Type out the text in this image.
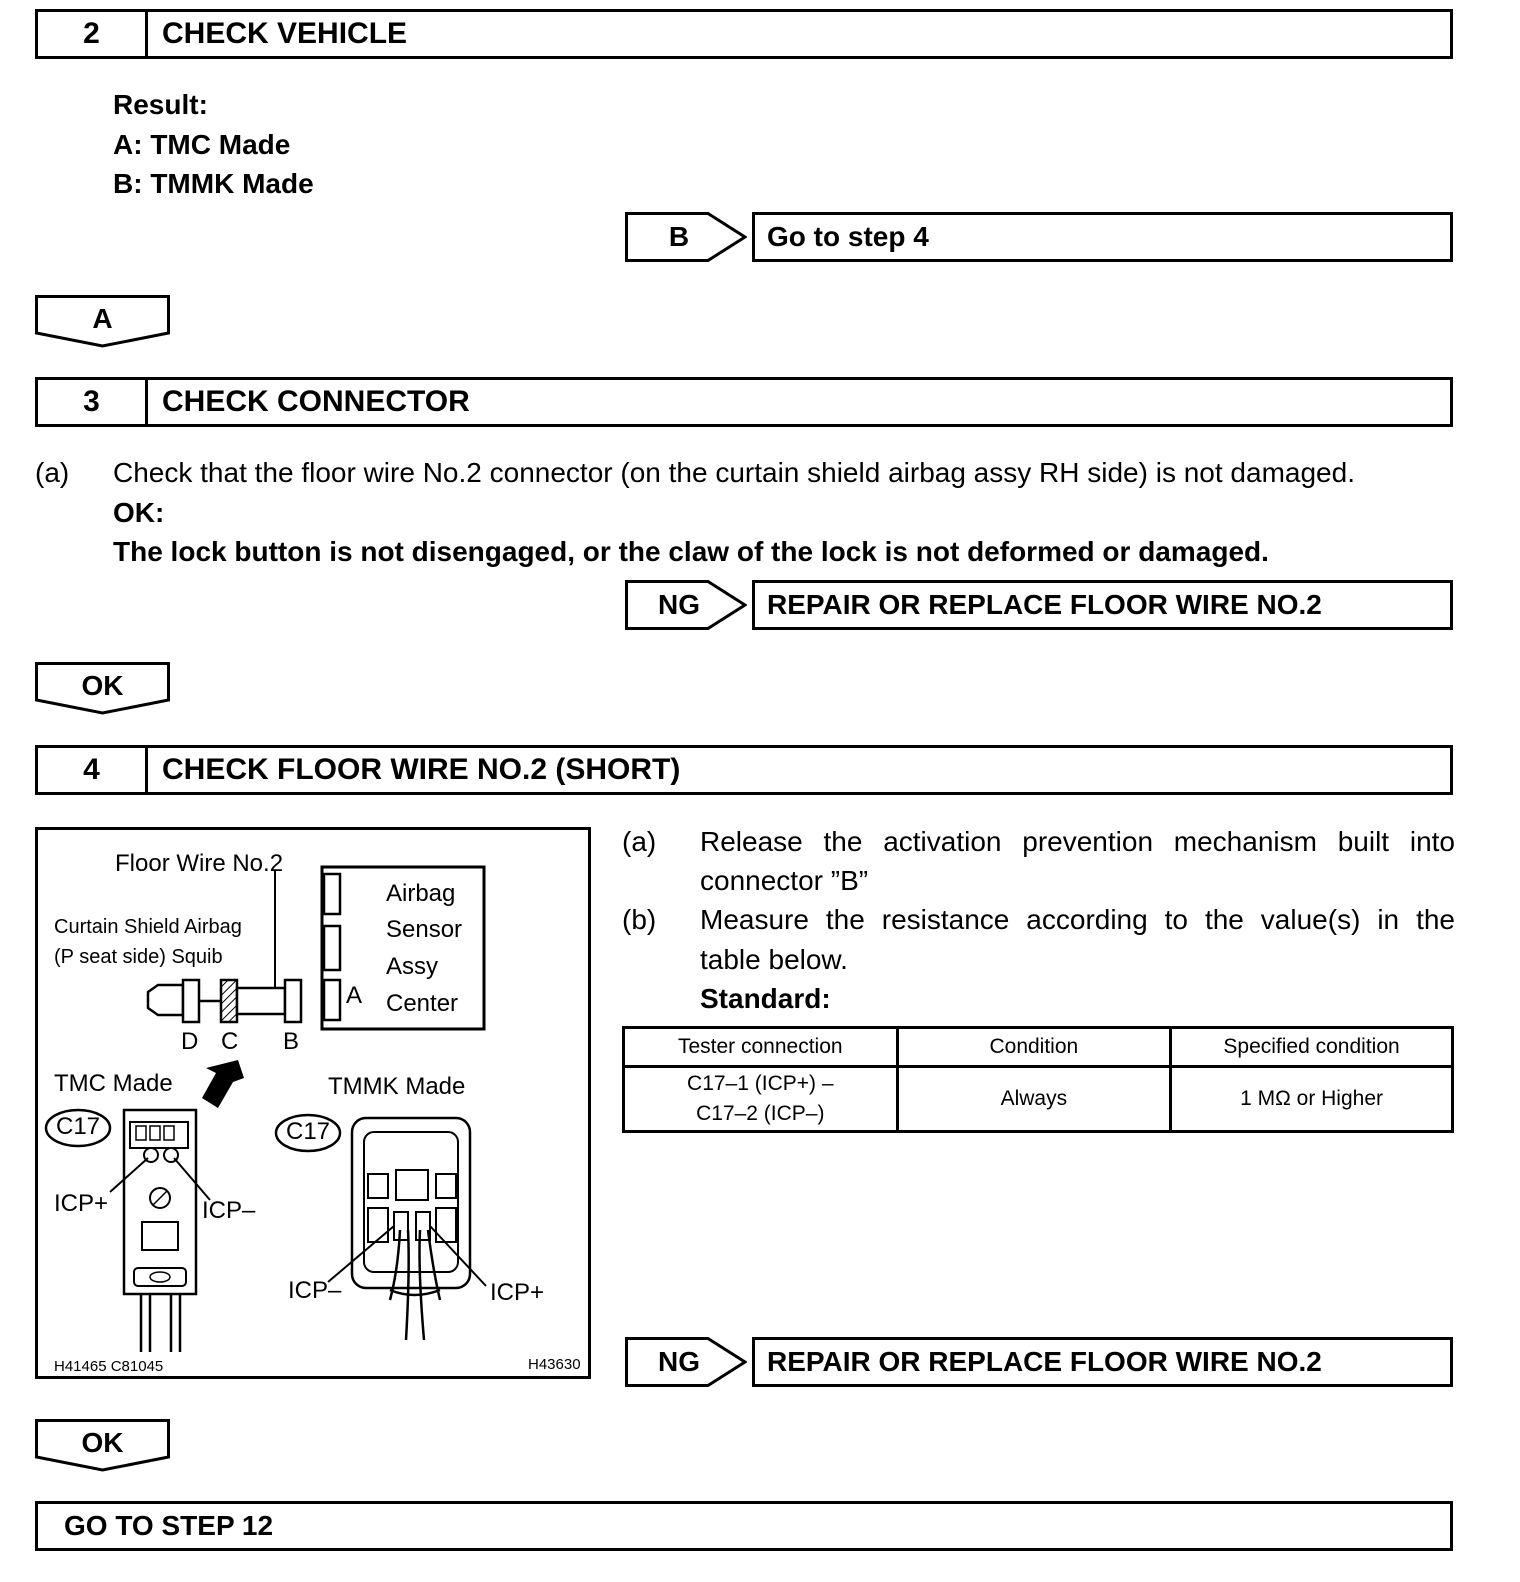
2	CHECK VEHICLE
Result:
A: TMC Made
B: TMMK Made
B	Go to step 4
A
3	CHECK CONNECTOR
(a) Check that the floor wire No.2 connector (on the curtain shield airbag assy RH side) is not damaged.
OK:
The lock button is not disengaged, or the claw of the lock is not deformed or damaged.
NG	REPAIR OR REPLACE FLOOR WIRE NO.2
OK
4	CHECK FLOOR WIRE NO.2 (SHORT)
Floor Wire No.2
Curtain Shield Airbag
(P seat side) Squib
Airbag
Sensor
Assy
Center
A
D C B
TMC Made	TMMK Made
C17	C17
ICP+	ICP–
ICP–	ICP+
H41465 C81045	H43630
(a) Release the activation prevention mechanism built into
connector ”B”
(b) Measure the resistance according to the value(s) in the
table below.
Standard:
Tester connection	Condition	Specified condition

C17–1 (ICP+) –
C17–2 (ICP–)	Always	1 MΩ or Higher
NG	REPAIR OR REPLACE FLOOR WIRE NO.2
OK
GO TO STEP 12
